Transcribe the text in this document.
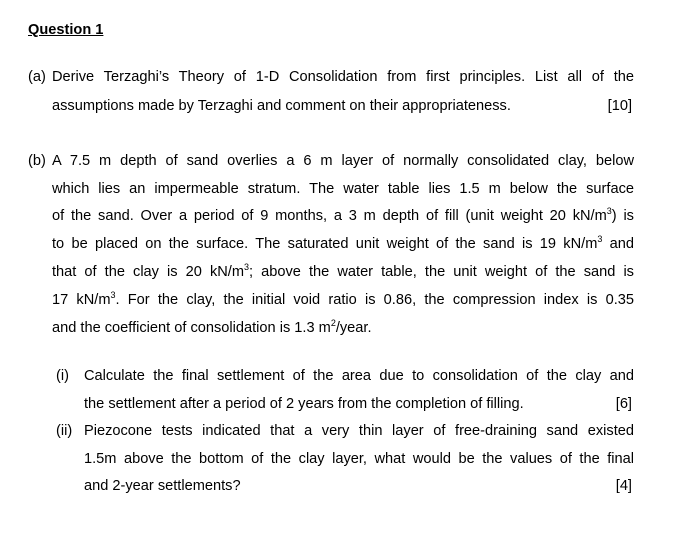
Question 1
(a) Derive Terzaghi’s Theory of 1-D Consolidation from first principles. List all of the
assumptions made by Terzaghi and comment on their appropriateness.	[10]
(b) A 7.5 m depth of sand overlies a 6 m layer of normally consolidated clay, below
which lies an impermeable stratum. The water table lies 1.5 m below the surface
of the sand. Over a period of 9 months, a 3 m depth of fill (unit weight 20 $kN/m^3$) is
to be placed on the surface. The saturated unit weight of the sand is 19 $kN/m^3$ and
that of the clay is 20 $kN/m^3$; above the water table, the unit weight of the sand is
17 $kN/m^3$. For the clay, the initial void ratio is 0.86, the compression index is 0.35
and the coefficient of consolidation is 1.3 $m^2$/year.
(i) Calculate the final settlement of the area due to consolidation of the clay and
the settlement after a period of 2 years from the completion of filling.	[6]
(ii) Piezocone tests indicated that a very thin layer of free-draining sand existed
1.5m above the bottom of the clay layer, what would be the values of the final
and 2-year settlements?	[4]
